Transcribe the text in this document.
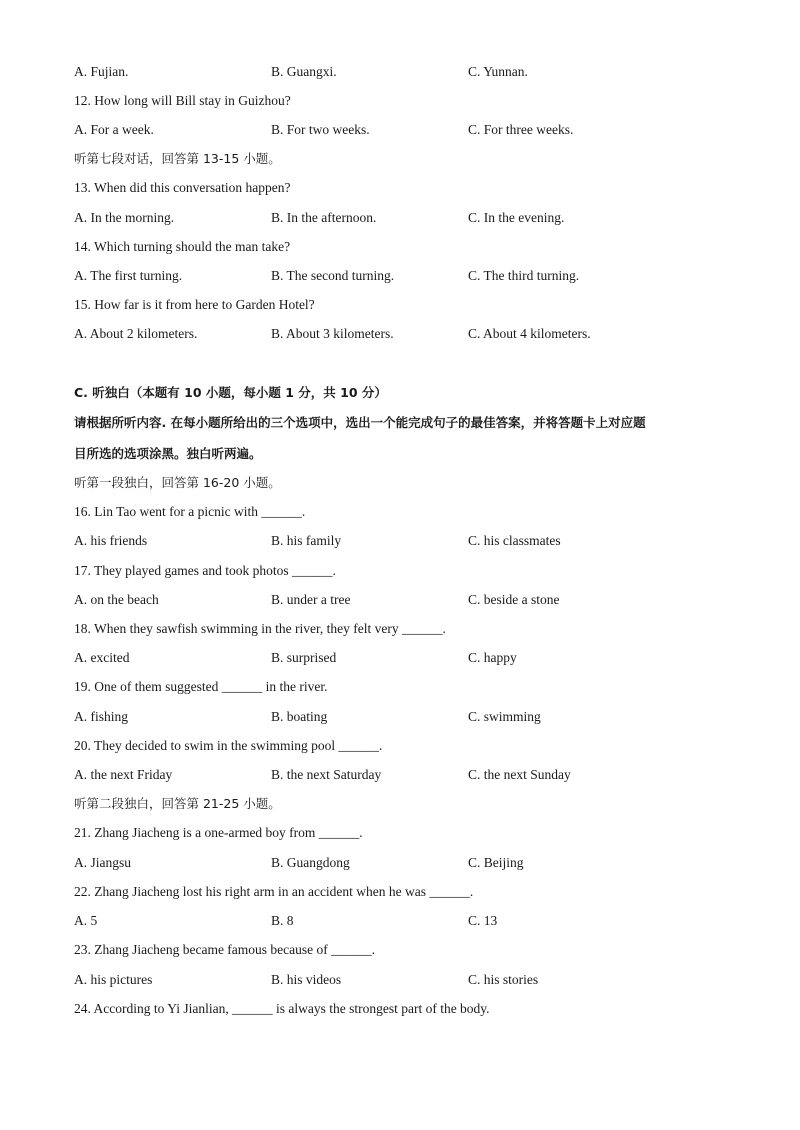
A. Fujian.	B. Guangxi.	C. Yunnan.
12. How long will Bill stay in Guizhou?
A. For a week.	B. For two weeks.	C. For three weeks.
听第七段对话，回答第 13-15 小题。
13. When did this conversation happen?
A. In the morning.	B. In the afternoon.	C. In the evening.
14. Which turning should the man take?
A. The first turning.	B. The second turning.	C. The third turning.
15. How far is it from here to Garden Hotel?
A. About 2 kilometers.	B. About 3 kilometers.	C. About 4 kilometers.
C. 听独白（本题有 10 小题，每小题 1 分，共 10 分）
请根据所听内容. 在每小题所给出的三个选项中，选出一个能完成句子的最佳答案，并将答题卡上对应题
目所选的选项涂黑。独白听两遍。
听第一段独白，回答第 16-20 小题。
16. Lin Tao went for a picnic with ______.
A. his friends	B. his family	C. his classmates
17. They played games and took photos ______.
A. on the beach	B. under a tree	C. beside a stone
18. When they sawfish swimming in the river, they felt very ______.
A. excited	B. surprised	C. happy
19. One of them suggested ______ in the river.
A. fishing	B. boating	C. swimming
20. They decided to swim in the swimming pool ______.
A. the next Friday	B. the next Saturday	C. the next Sunday
听第二段独白，回答第 21-25 小题。
21. Zhang Jiacheng is a one-armed boy from ______.
A. Jiangsu	B. Guangdong	C. Beijing
22. Zhang Jiacheng lost his right arm in an accident when he was ______.
A. 5	B. 8	C. 13
23. Zhang Jiacheng became famous because of ______.
A. his pictures	B. his videos	C. his stories
24. According to Yi Jianlian, ______ is always the strongest part of the body.
